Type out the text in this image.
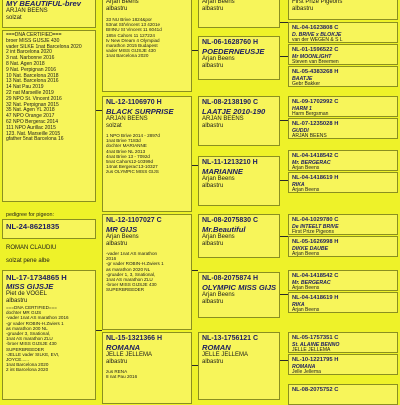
MY BEAUTIFUL-brev
ARJAN BEENS
solzat
===DNA CERTIFIED===
broer MISS GIJSJE 430
vader SILKE 1nat Barcelona 2020
2 int Barcelona 2020
3 nat. Narbonne 2016
8 Nat. Agen 2018
9 Nat. Perpignan 2016
10 Nat. Barcelona 2018
13 Nat. Barcelona 2016
14 Nat Pau 2019
22 nat Marseille 2019
29 NPO St. Vincent 2016
32 Nat. Perpignan 2015
35 Nat. Agen YL 2018
47 NPO Orange 2017
62 NPO Bergerac 2014
111 NPO Aurillac 2015
123. Nat. Marseille 2015
gfather 5nat Barcelona 16
pedigree for pigeon:
NL-24-8621835
ROMAN CLAUDIU
solzat pene albe
NL-17-1734865 H
MISS GIJSJE
Piet de VOGEL
albastru
===DNA CERTIFIED===
dochter MR GIJS
-vader 1nat AS marathon 2016
-gr vader ROBIN-H.Zwiers 1
as marathon 200 NL
-gruader 3, Snational,
1nat AS marathon ZLU
-broer MISS GIJSJE 430
SUPERBREEDER
-JELLE vader SILKE, EVI,
JOYCE......
1nat Barcelona 2020
2 int Barcelona 2020
Arjan Beens
albastru
33 NU Brive 1824&por
53nat St/Vincent 13 4201e
BIIINU St Vincent 11 6041d
185n Cahors 11 127224
tv New Dream 4 Olympiad
marathon 2015 Budapest
vader MISS GIJSJE 430
1nat Barcelona 2020
NL-12-1106970 H
BLACK SURPRISE
ARJAN BEENS
solzat
1 NPO Brive 2014 - 2897d
1nat Brive 7183d
dochter MARIANNE
4nat Brive NL 2013
4nat Brive 13 - 7092d
5nat Cahors12-10399d
14nat Bergerac'13-10327
zus OLYMPIC MISS GIJS
NL-12-1107027 C
MR GIJS
Arjan Beens
albastru
-vader 1nat AS marathon
2016
-gr vader ROBIN-H.Zwiers 1
as marathon 2020 NL
-gruader 1, 3, Snational,
1nat AS marathon ZLU
-broer MISS GIJSJE 430
SUPERBREEDER
NL-15-1321366 H
ROMANA
JELLE JELLEMA
albastru
zus RENA
8 nat Pau 2016
Arjan Beens
albastru
NL-06-1628760 H
POEDERNEUSJE
Arjan Beens
albastru
NL-08-2138190 C
LAATJE 2010-190
ARJAN BEENS
albastru
NL-11-1213210 H
MARIANNE
Arjan Beens
albastru
NL-08-2075830 C
Mr.Beautiful
Arjan Beens
albastru
NL-08-2075874 H
OLYMPIC MISS GIJS
Arjan Beens
albastru
NL-13-1756121 C
ROMAN
JELLE JELLEMA
albastru
First Prize Pigeons
albastru
NL-04-1623808 C
D. BRIVE x BLOKJE
van der WEGEN & S L
NL-01-1596522 C
Mr MOONLIGHT
Steven van Breemen
NL-05-4383268 H
BAATJE
Gebr Bakker
NL-09-1702992 C
HARM 1
Harm Bergsman
NL-07-1235028 H
GUDDI
ARJAN BEENS
NL-04-1418542 C
Mr. BERGERAC
Arjan Beens
NL-04-1418619 H
RIKA
Arjan Beens
NL-04-1029780 C
De INTEELT BRIVE
First Prize Pigeons
NL-05-1626998 H
DIKKE DAUBE
Arjan Beens
NL-04-1418542 C
Mr. BERGERAC
Arjan Beens
NL-04-1418619 H
RIKA
Arjan Beens
NL-05-1757351 C
St. ALAINE BENNO
JELLE JELLEMA
NL-10-1221795 H
ROMANA
Jelle Jellema
NL-08-2075752 C
